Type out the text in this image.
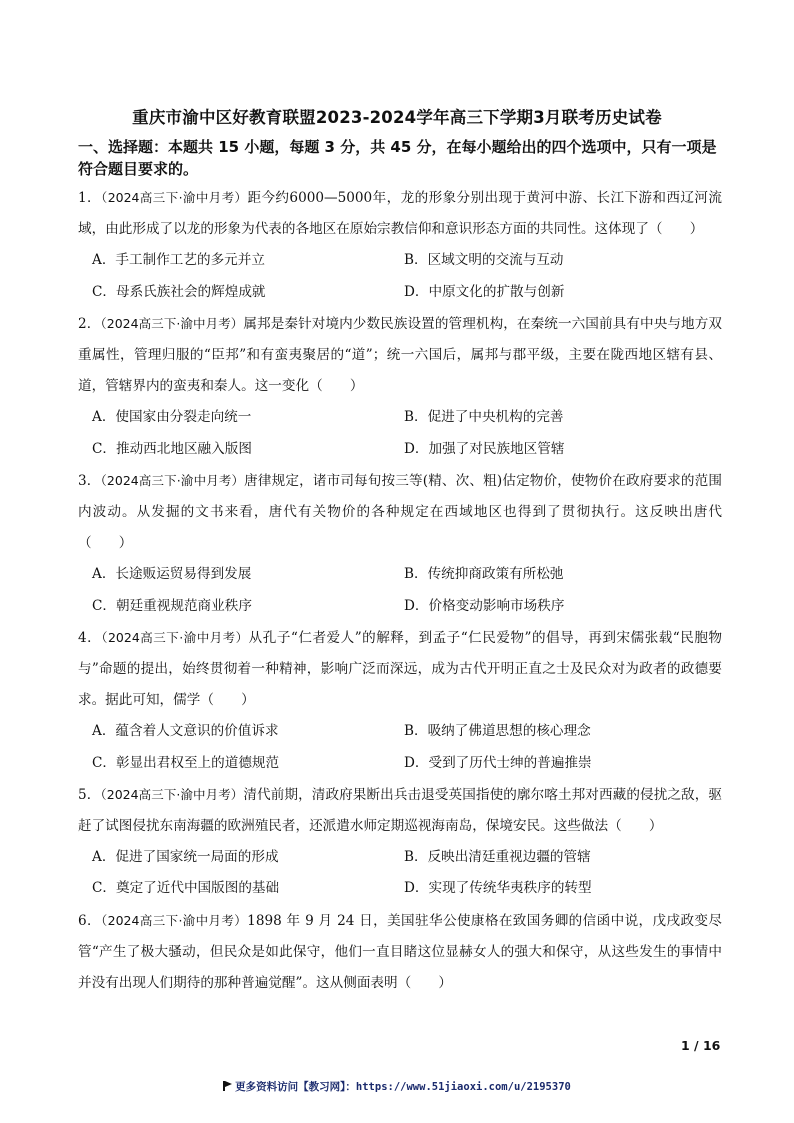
重庆市渝中区好教育联盟2023-2024学年高三下学期3月联考历史试卷
一、选择题：本题共 15 小题，每题 3 分，共 45 分，在每小题给出的四个选项中，只有一项是符合题目要求的。

1．（2024高三下·渝中月考）距今约6000—5000年，龙的形象分别出现于黄河中游、长江下游和西辽河流域，由此形成了以龙的形象为代表的各地区在原始宗教信仰和意识形态方面的共同性。这体现了（　　）

A．手工制作工艺的多元并立	B．区域文明的交流与互动
C．母系氏族社会的辉煌成就	D．中原文化的扩散与创新

2．（2024高三下·渝中月考）属邦是秦针对境内少数民族设置的管理机构，在秦统一六国前具有中央与地方双重属性，管理归服的“臣邦”和有蛮夷聚居的“道”；统一六国后，属邦与郡平级，主要在陇西地区辖有县、道，管辖界内的蛮夷和秦人。这一变化（　　）

A．使国家由分裂走向统一	B．促进了中央机构的完善
C．推动西北地区融入版图	D．加强了对民族地区管辖

3．（2024高三下·渝中月考）唐律规定，诸市司每旬按三等(精、次、粗)估定物价，使物价在政府要求的范围内波动。从发掘的文书来看，唐代有关物价的各种规定在西域地区也得到了贯彻执行。这反映出唐代（　　）

A．长途贩运贸易得到发展	B．传统抑商政策有所松弛
C．朝廷重视规范商业秩序	D．价格变动影响市场秩序

4．（2024高三下·渝中月考）从孔子“仁者爱人”的解释，到孟子“仁民爱物”的倡导，再到宋儒张载“民胞物与”命题的提出，始终贯彻着一种精神，影响广泛而深远，成为古代开明正直之士及民众对为政者的政德要求。据此可知，儒学（　　）

A．蕴含着人文意识的价值诉求	B．吸纳了佛道思想的核心理念
C．彰显出君权至上的道德规范	D．受到了历代士绅的普遍推崇

5．（2024高三下·渝中月考）清代前期，清政府果断出兵击退受英国指使的廓尔喀土邦对西藏的侵扰之敌，驱赶了试图侵扰东南海疆的欧洲殖民者，还派遣水师定期巡视海南岛，保境安民。这些做法（　　）

A．促进了国家统一局面的形成	B．反映出清廷重视边疆的管辖
C．奠定了近代中国版图的基础	D．实现了传统华夷秩序的转型

6．（2024高三下·渝中月考）1898 年 9 月 24 日，美国驻华公使康格在致国务卿的信函中说，戊戌政变尽管“产生了极大骚动，但民众是如此保守，他们一直目睹这位显赫女人的强大和保守，从这些发生的事情中并没有出现人们期待的那种普遍觉醒”。这从侧面表明（　　）

1 / 16
更多资料访问【教习网】：https://www.51jiaoxi.com/u/2195370
